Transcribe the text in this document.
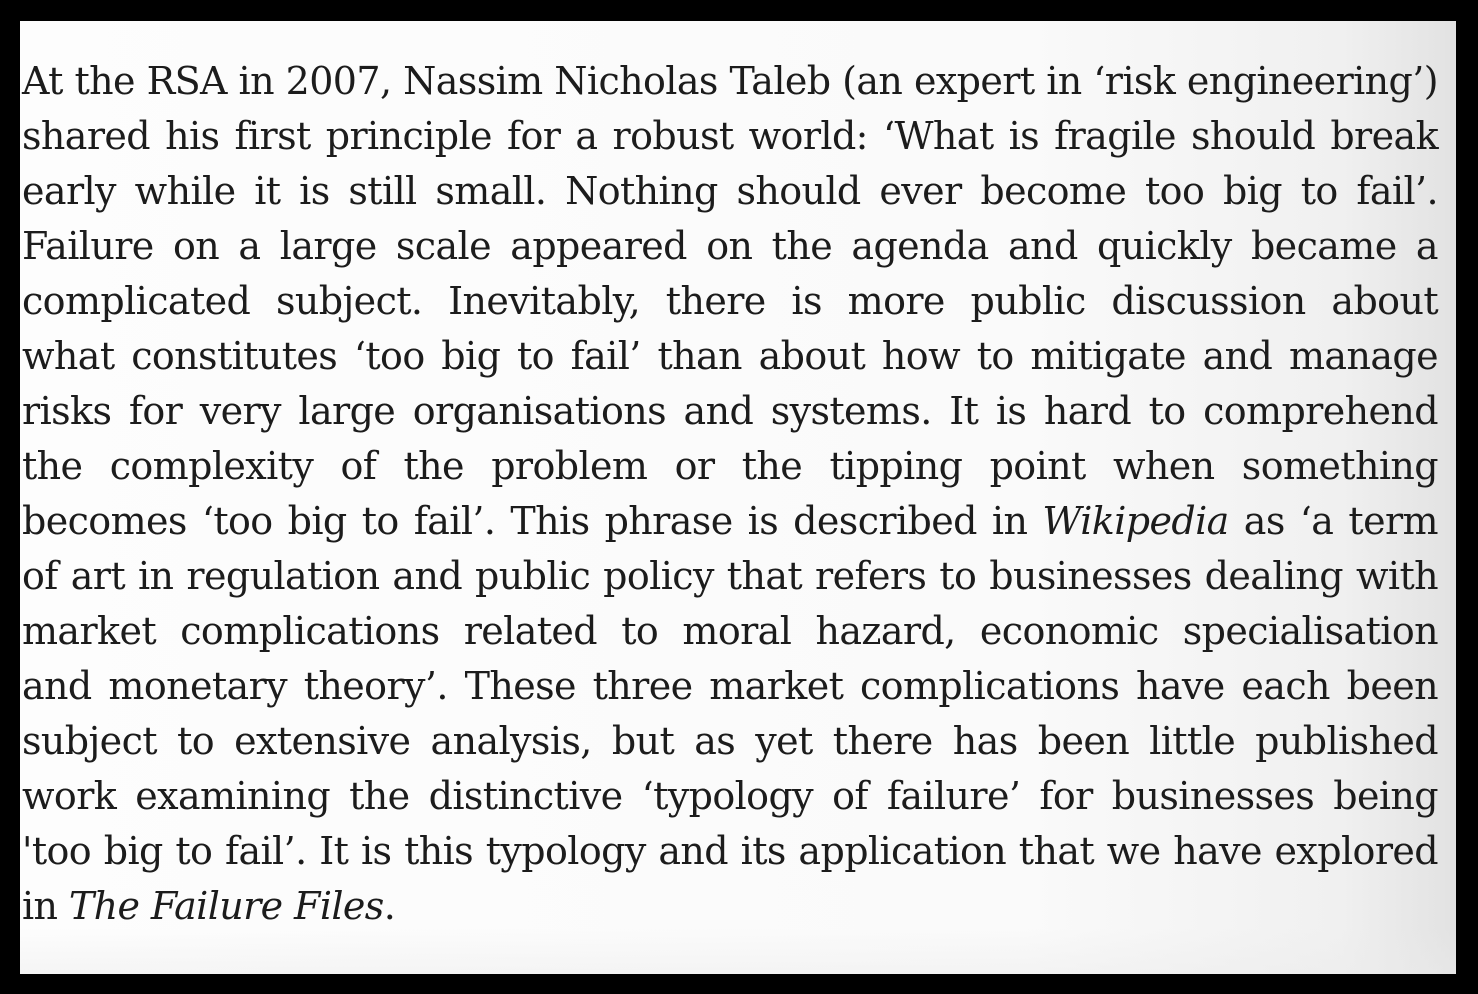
At the RSA in 2007, Nassim Nicholas Taleb (an expert in ‘risk engineering’)
shared his first principle for a robust world: ‘What is fragile should break
early while it is still small. Nothing should ever become too big to fail’.
Failure on a large scale appeared on the agenda and quickly became a
complicated subject. Inevitably, there is more public discussion about
what constitutes ‘too big to fail’ than about how to mitigate and manage
risks for very large organisations and systems. It is hard to comprehend
the complexity of the problem or the tipping point when something
becomes ‘too big to fail’. This phrase is described in Wikipedia as ‘a term
of art in regulation and public policy that refers to businesses dealing with
market complications related to moral hazard, economic specialisation
and monetary theory’. These three market complications have each been
subject to extensive analysis, but as yet there has been little published
work examining the distinctive ‘typology of failure’ for businesses being
'too big to fail’. It is this typology and its application that we have explored
in The Failure Files.
